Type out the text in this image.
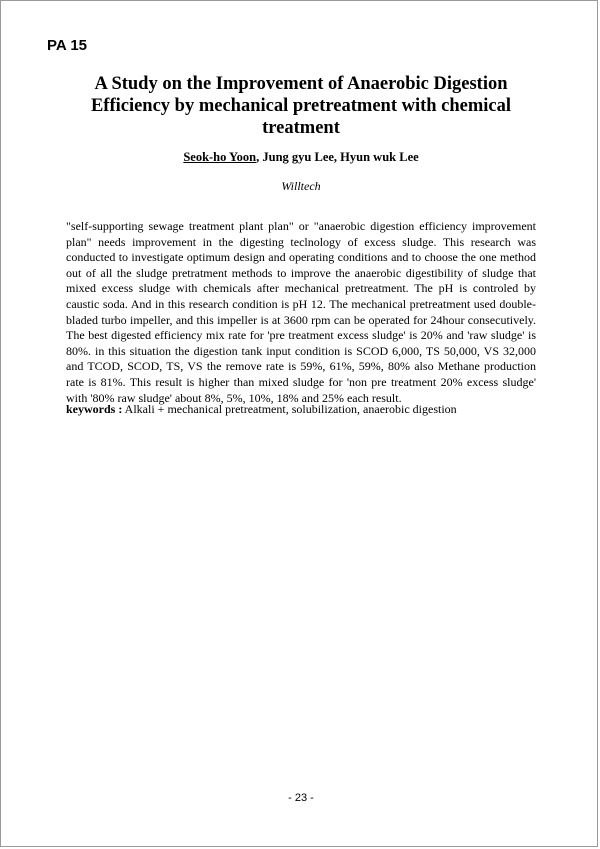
PA 15
A Study on the Improvement of Anaerobic Digestion Efficiency by mechanical pretreatment with chemical treatment
Seok-ho Yoon, Jung gyu Lee, Hyun wuk Lee
Willtech

"self-supporting sewage treatment plant plan" or "anaerobic digestion efficiency improvement plan" needs improvement in the digesting teclnology of excess sludge. This research was conducted to investigate optimum design and operating conditions and to choose the one method out of all the sludge pretratment methods to improve the anaerobic digestibility of sludge that mixed excess sludge with chemicals after mechanical pretreatment. The pH is controled by caustic soda. And in this research condition is pH 12. The mechanical pretreatment used double-bladed turbo impeller, and this impeller is at 3600 rpm can be operated for 24hour consecutively. The best digested efficiency mix rate for 'pre treatment excess sludge' is 20% and 'raw sludge' is 80%. in this situation the digestion tank input condition is SCOD 6,000, TS 50,000, VS 32,000 and TCOD, SCOD, TS, VS the remove rate is 59%, 61%, 59%, 80% also Methane production rate is 81%. This result is higher than mixed sludge for 'non pre treatment 20% excess sludge' with '80% raw sludge' about 8%, 5%, 10%, 18% and 25% each result.

keywords : Alkali + mechanical pretreatment, solubilization, anaerobic digestion
- 23 -
